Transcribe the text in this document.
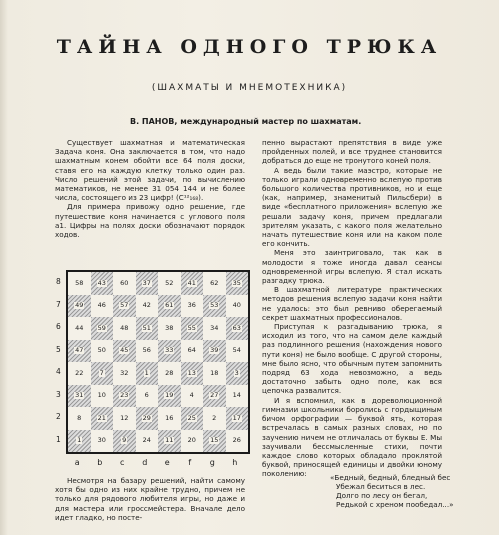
ТАЙНА ОДНОГО ТРЮКА
(ШАХМАТЫ И МНЕМОТЕХНИКА)
В. ПАНОВ, международный мастер по шахматам.

Существует шахматная и математическая Задача коня. Она заключается в том, что надо шахматным конем обойти все 64 поля доски, ставя его на каждую клетку только один раз. Число решений этой задачи, по вычислению математиков, не менее 31 054 144 и не более числа, состоящего из 23 цифр! (С¹²₁₆₈).

Для примера привожу одно решение, где путешествие коня начинается с углового поля а1. Цифры на полях доски обозначают порядок ходов.

8
7
6
5
4
3
2
1
58 43 60 37 52 41 62 35
49 46 57 42 61 36 53 40
44 59 48 51 38 55 34 63
47 50 45 56 33 64 39 54
22	7	32	1	28 13 18	3
31 10 23	6	19	4	27 14
8	21 12 29 16 25	2	17
1	30	9	24 11 20 15 26
a	b	c	d	e	f	g	h

Несмотря на базару решений, найти самому хотя бы одно из них крайне трудно, причем не только для рядового любителя игры, но даже и для мастера или гроссмейстера. Вначале дело идет гладко, но посте-

пенно вырастают препятствия в виде уже пройденных полей, и все труднее становится добраться до еще не тронутого коней поля.

А ведь были такие маэстро, которые не только играли одновременно вслепую против большого количества противников, но и еще (как, например, знаменитый Пильсбери) в виде «бесплатного приложения» вслепую же решали задачу коня, причем предлагали зрителям указать, с какого поля желательно начать путешествие коня или на каком поле его кончить.

Меня это заинтриговало, так как в молодости я тоже иногда давал сеансы одновременной игры вслепую. Я стал искать разгадку трюка.

В шахматной литературе практических методов решения вслепую задачи коня найти не удалось: это был ревниво оберегаемый секрет шахматных профессионалов.

Приступая к разгадыванию трюка, я исходил из того, что на самом деле каждый раз подлинного решения (нахождения нового пути коня) не было вообще. С другой стороны, мне было ясно, что обычным путем запомнить подряд 63 хода невозможно, а ведь достаточно забыть одно поле, как вся цепочка развалится.

И я вспомнил, как в дореволюционной гимназии школьники боролись с гордыщиным бичом орфографии — буквой ять, которая встречалась в самых разных словах, но по заучению ничем не отличалась от буквы Е. Мы заучивали бессмысленные стихи, почти каждое слово которых обладало проклятой буквой, приносящей единицы и двойки юному поколению:	«Бедный, бедный, бледный бес
Убежал беситься в лес.
Долго по лесу он бегал,
Редькой с хреном пообедал...»
